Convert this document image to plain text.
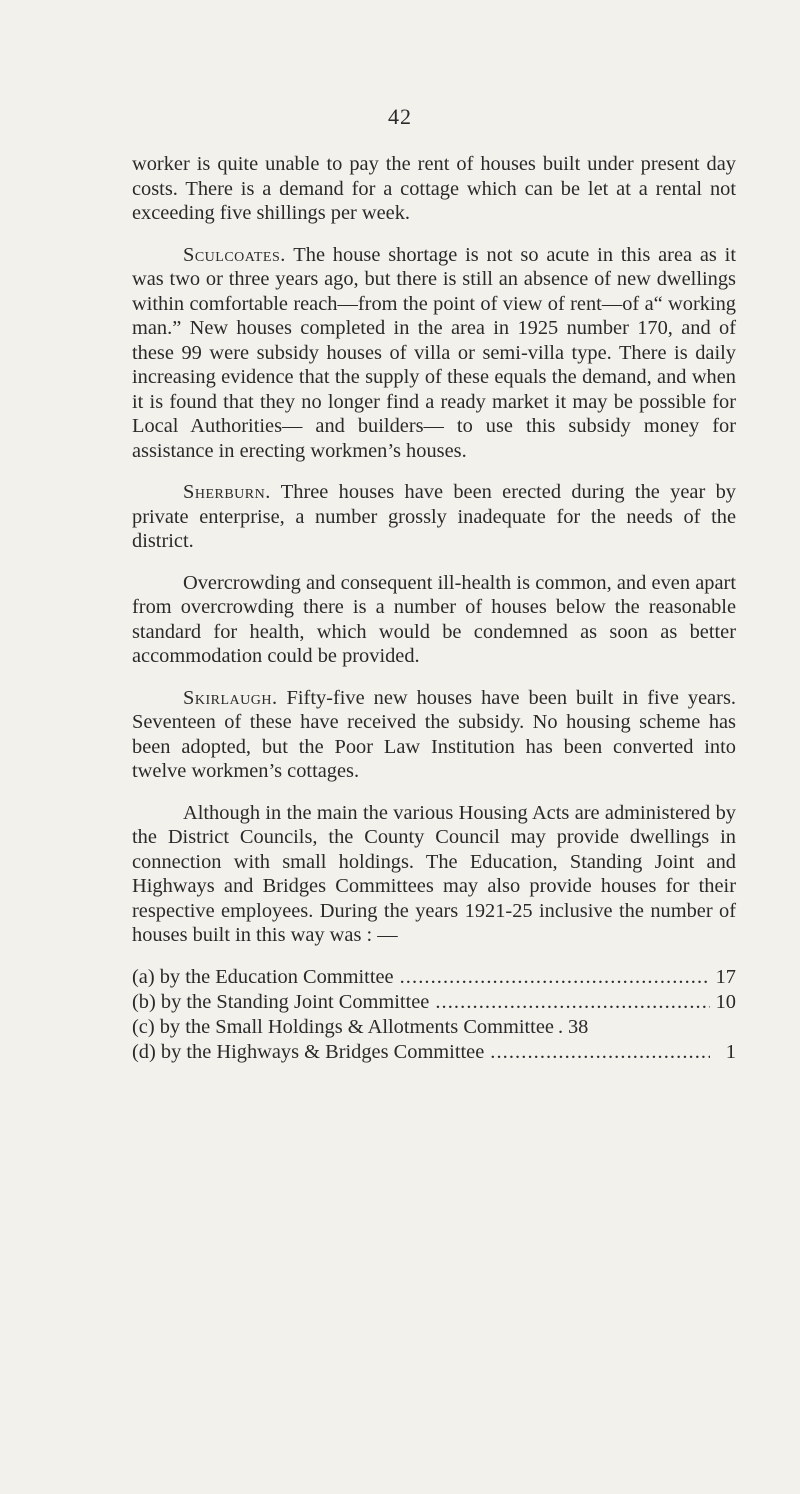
42

worker is quite unable to pay the rent of houses built under present day costs. There is a demand for a cottage which can be let at a rental not exceeding five shillings per week.

Sculcoates. The house shortage is not so acute in this area as it was two or three years ago, but there is still an absence of new dwellings within comfortable reach—from the point of view of rent—of a“ working man.” New houses completed in the area in 1925 number 170, and of these 99 were subsidy houses of villa or semi-villa type. There is daily increasing evidence that the supply of these equals the demand, and when it is found that they no longer find a ready market it may be possible for Local Authorities— and builders— to use this subsidy money for assistance in erecting workmen’s houses.

Sherburn. Three houses have been erected during the year by private enterprise, a number grossly inadequate for the needs of the district.

Overcrowding and consequent ill-health is common, and even apart from overcrowding there is a number of houses below the reasonable standard for health, which would be condemned as soon as better accommodation could be provided.

Skirlaugh. Fifty-five new houses have been built in five years. Seventeen of these have received the subsidy. No housing scheme has been adopted, but the Poor Law Institution has been converted into twelve workmen’s cottages.

Although in the main the various Housing Acts are administered by the District Councils, the County Council may provide dwellings in connection with small holdings. The Education, Standing Joint and Highways and Bridges Committees may also provide houses for their respective employees. During the years 1921-25 inclusive the number of houses built in this way was : —

(a) by the Education Committee . . .	17
(b) by the Standing Joint Committee . . .	10
(c) by the Small Holdings & Allotments Committee . . . 38
(d) by the Highways & Bridges Committee . . .	1
